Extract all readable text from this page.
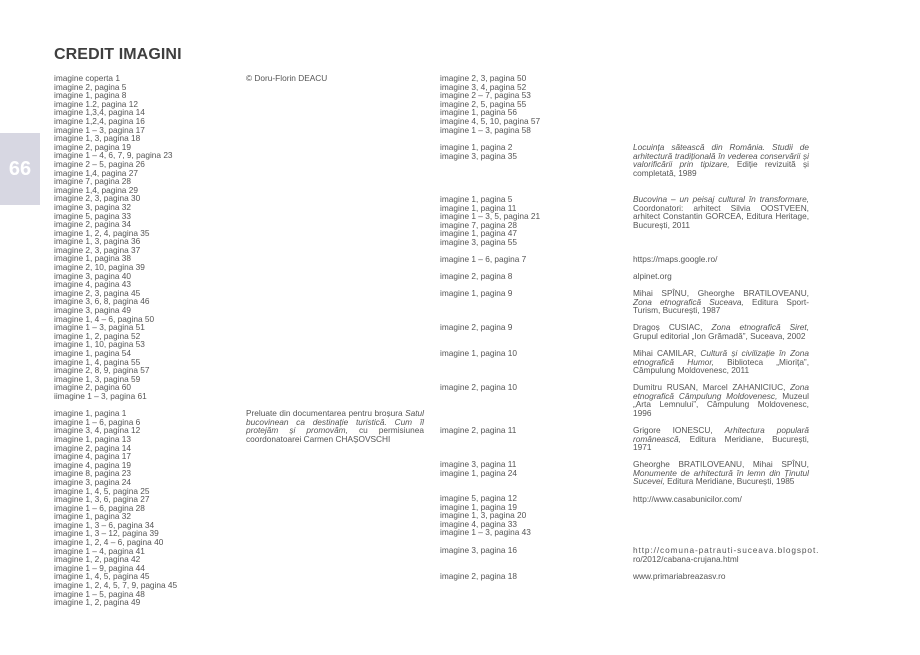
66
CREDIT IMAGINI
imagine coperta 1
imagine 2, pagina 5
imagine 1, pagina 8
imagine 1.2, pagina 12
imagine 1,3,4, pagina 14
imagine 1,2,4, pagina 16
imagine 1 – 3, pagina 17
imagine 1, 3, pagina 18
imagine 2, pagina 19
imagine 1 – 4, 6, 7, 9, pagina 23
imagine 2 – 5, pagina 26
imagine 1,4, pagina 27
imagine 7, pagina 28
imagine 1,4, pagina 29
imagine 2, 3, pagina 30
imagine 3, pagina 32
imagine 5, pagina 33
imagine 2, pagina 34
imagine 1, 2, 4, pagina 35
imagine 1, 3, pagina 36
imagine 2, 3, pagina 37
imagine 1, pagina 38
imagine 2, 10, pagina 39
imagine 3, pagina 40
imagine 4, pagina 43
imagine 2, 3, pagina 45
imagine 3, 6, 8, pagina 46
imagine 3, pagina 49
imagine 1, 4 – 6, pagina 50
imagine 1 – 3, pagina 51
imagine 1, 2, pagina 52
imagine 1, 10, pagina 53
imagine 1, pagina 54
imagine 1, 4, pagina 55
imagine 2, 8, 9, pagina 57
imagine 1, 3, pagina 59
imagine 2, pagina 60
iimagine 1 – 3, pagina 61
imagine 1, pagina 1
imagine 1 – 6, pagina 6
imagine 3, 4, pagina 12
imagine 1, pagina 13
imagine 2, pagina 14
imagine 4, pagina 17
imagine 4, pagina 19
imagine 8, pagina 23
imagine 3, pagina 24
imagine 1, 4, 5, pagina 25
imagine 1, 3, 6, pagina 27
imagine 1 – 6, pagina 28
imagine 1, pagina 32
imagine 1, 3 – 6, pagina 34
imagine 1, 3 – 12, pagina 39
imagine 1, 2, 4 – 6, pagina 40
imagine 1 – 4, pagina 41
imagine 1, 2, pagina 42
imagine 1 – 9, pagina 44
imagine 1, 4, 5, pagina 45
imagine 1, 2, 4, 5, 7, 9, pagina 45
imagine 1 – 5, pagina 48
imagine 1, 2, pagina 49
© Doru-Florin DEACU
Preluate din documentarea pentru broșura Satul bucovinean ca destinație turistică. Cum îl protejăm și promovăm, cu permisiunea coordonatoarei Carmen CHAȘOVSCHI
imagine 2, 3, pagina 50
imagine 3, 4, pagina 52
imagine 2 – 7, pagina 53
imagine 2, 5, pagina 55
imagine 1, pagina 56
imagine 4, 5, 10, pagina 57
imagine 1 – 3, pagina 58
imagine 1, pagina 2
imagine 3, pagina 35
imagine 1, pagina 5
imagine 1, pagina 11
imagine 1 – 3, 5, pagina 21
imagine 7, pagina 28
imagine 1, pagina 47
imagine 3, pagina 55
imagine 1 – 6, pagina 7
imagine 2, pagina 8
imagine 1, pagina 9
imagine 2, pagina 9
imagine 1, pagina 10
imagine 2, pagina 10
imagine 2, pagina 11
imagine 3, pagina 11
imagine 1, pagina 24
imagine 5, pagina 12
imagine 1, pagina 19
imagine 1, 3, pagina 20
imagine 4, pagina 33
imagine 1 – 3, pagina 43
imagine 3, pagina 16
imagine 2, pagina 18
Locuința sătească din România. Studii de arhitectură tradițională în vederea conservării și valorificării prin tipizare, Ediție revizuită și completată, 1989
Bucovina – un peisaj cultural în transformare, Coordonatori: arhitect Silvia OOSTVEEN, arhitect Constantin GORCEA, Editura Heritage, București, 2011
https://maps.google.ro/
alpinet.org
Mihai SPÎNU, Gheorghe BRATILOVEANU, Zona etnografică Suceava, Editura Sport-Turism, București, 1987
Dragoș CUSIAC, Zona etnografică Siret, Grupul editorial „Ion Grămadă”, Suceava, 2002
Mihai CAMILAR, Cultură și civilizație în Zona etnografică Humor, Biblioteca „Miorița”, Câmpulung Moldovenesc, 2011
Dumitru RUSAN, Marcel ZAHANICIUC, Zona etnografică Câmpulung Moldovenesc, Muzeul „Arta Lemnului”, Câmpulung Moldovenesc, 1996
Grigore IONESCU, Arhitectura populară românească, Editura Meridiane, București, 1971
Gheorghe BRATILOVEANU, Mihai SPÎNU, Monumente de arhitectură în lemn din Ținutul Sucevei, Editura Meridiane, București, 1985
http://www.casabunicilor.com/
http://comuna-patrauti-suceava.blogspot.
ro/2012/cabana-crujana.html
www.primariabreazasv.ro
